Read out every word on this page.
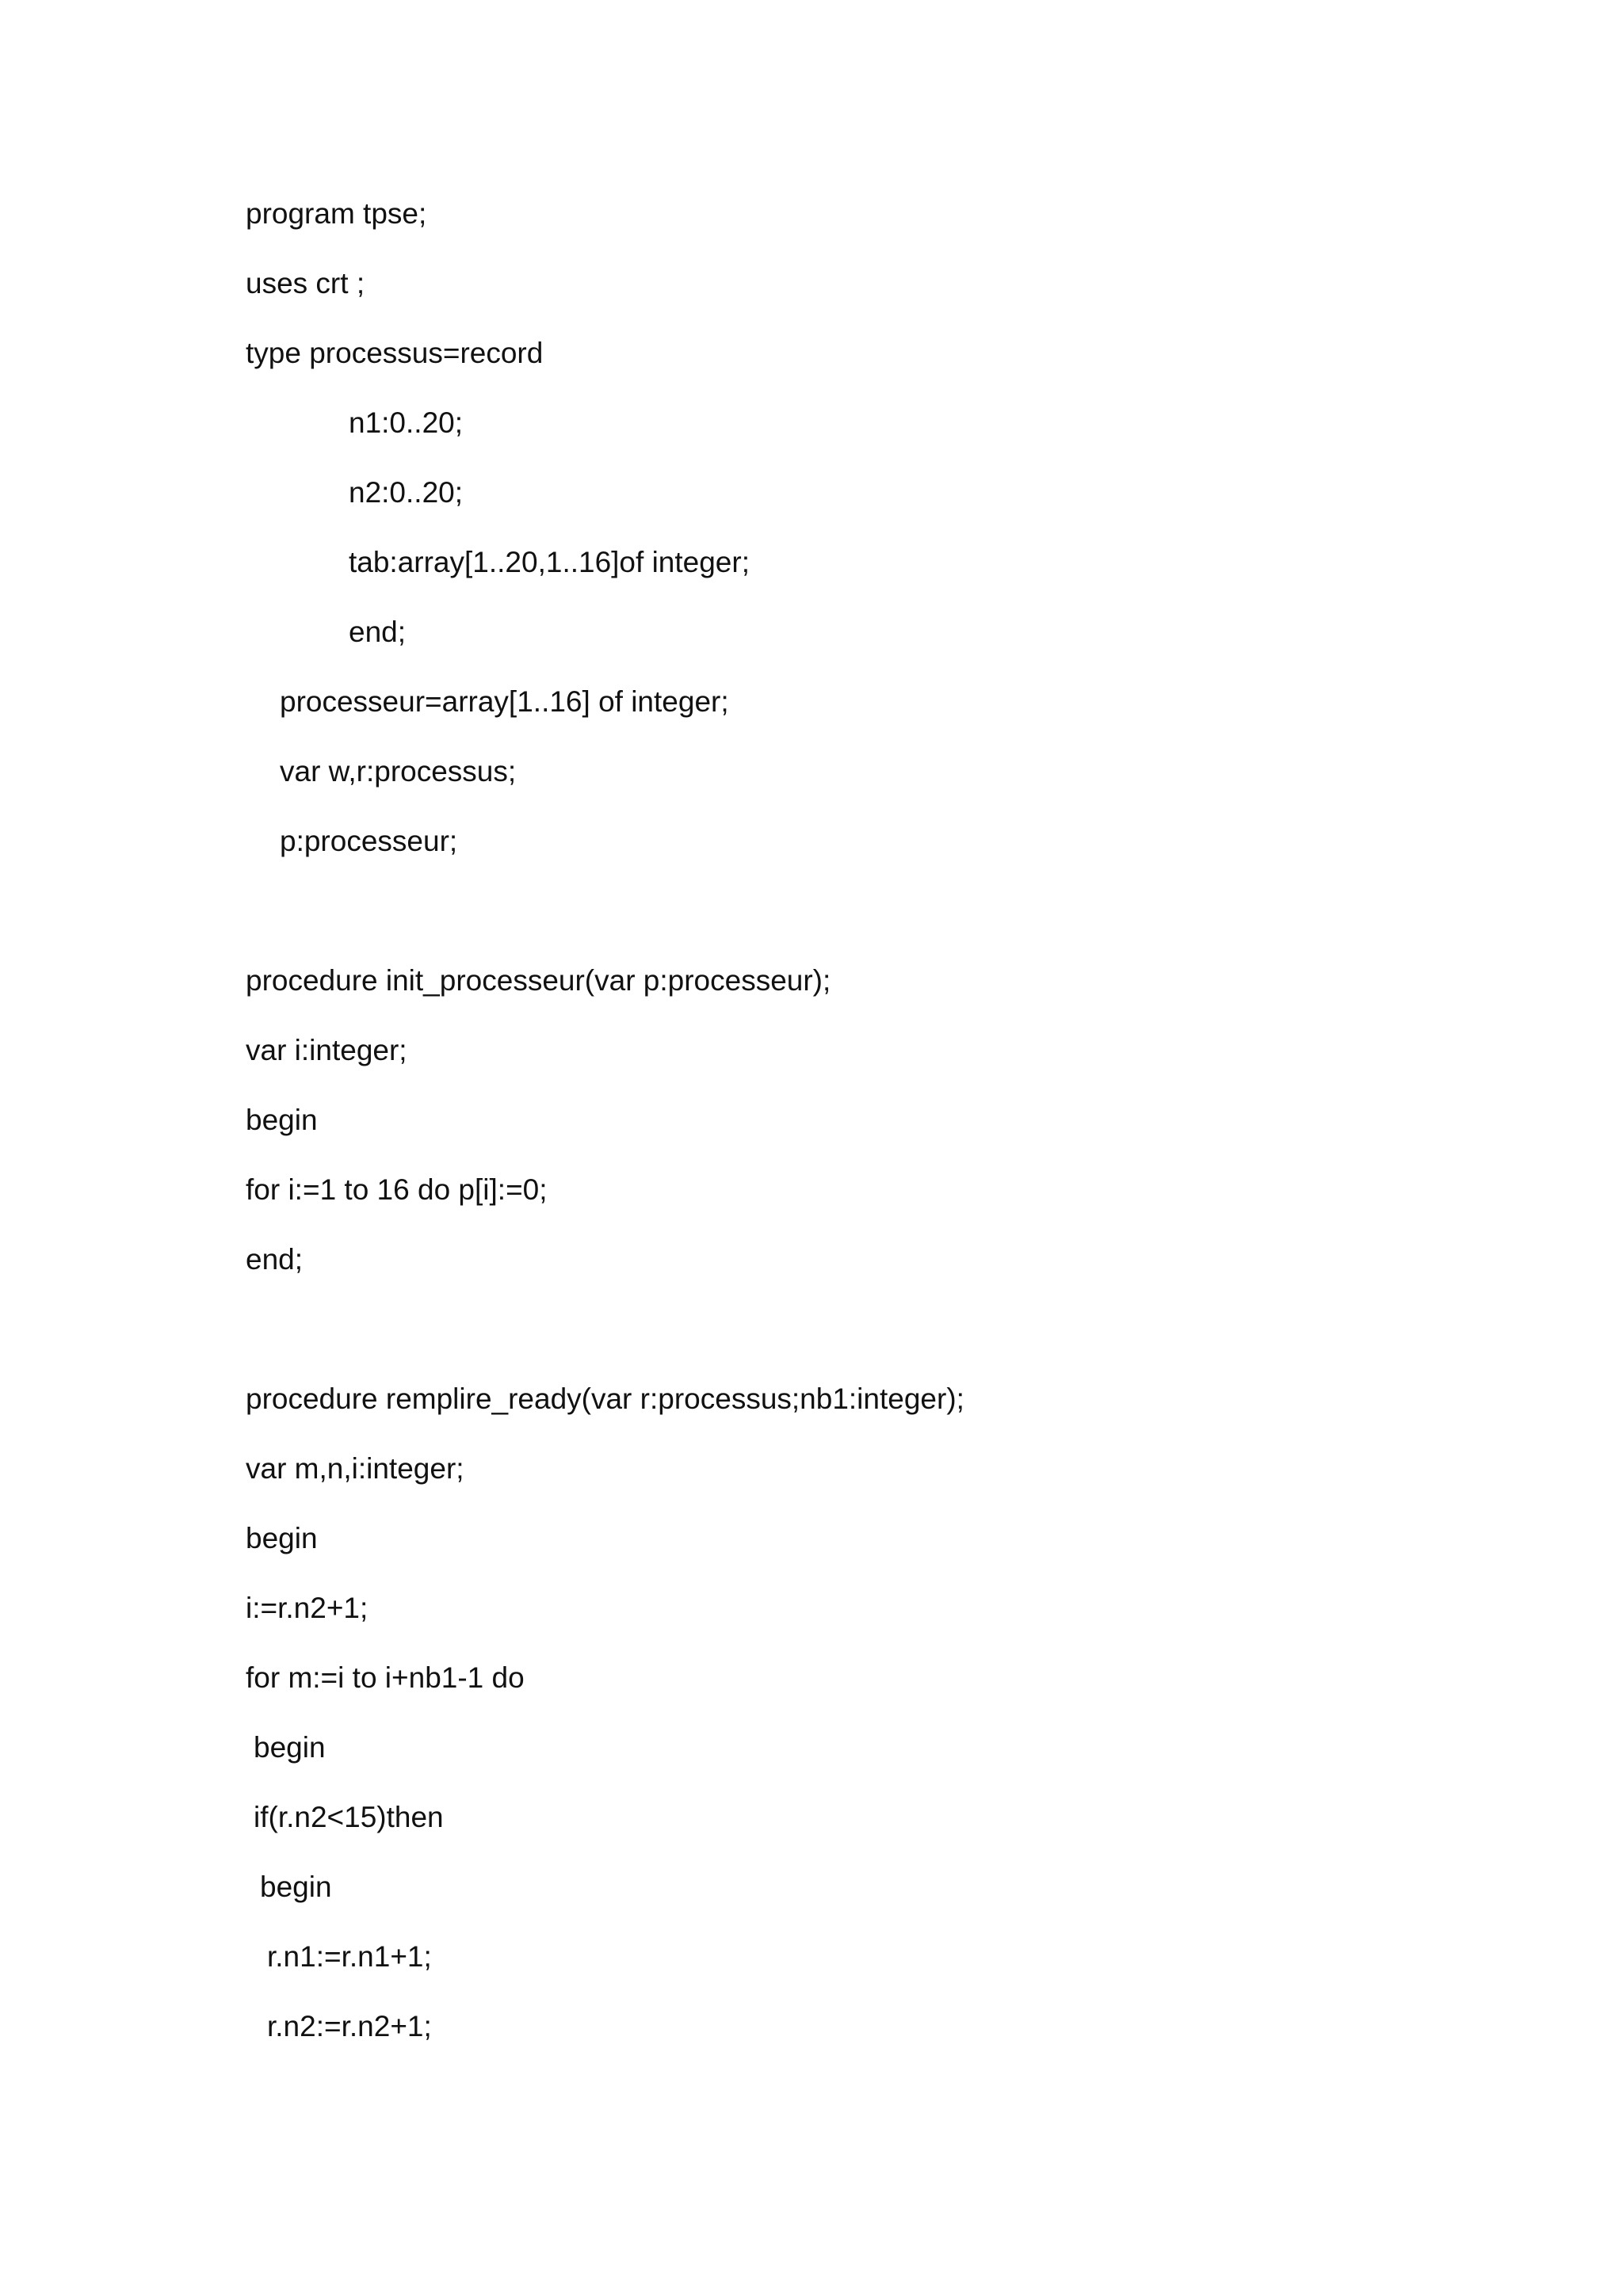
program tpse;
uses crt ;
type processus=record
n1:0..20;
n2:0..20;
tab:array[1..20,1..16]of integer;
end;
processeur=array[1..16] of integer;
var w,r:processus;
p:processeur;
procedure init_processeur(var p:processeur);
var i:integer;
begin
for i:=1 to 16 do p[i]:=0;
end;
procedure remplire_ready(var r:processus;nb1:integer);
var m,n,i:integer;
begin
i:=r.n2+1;
for m:=i to i+nb1-1 do
begin
if(r.n2<15)then
begin
r.n1:=r.n1+1;
r.n2:=r.n2+1;
